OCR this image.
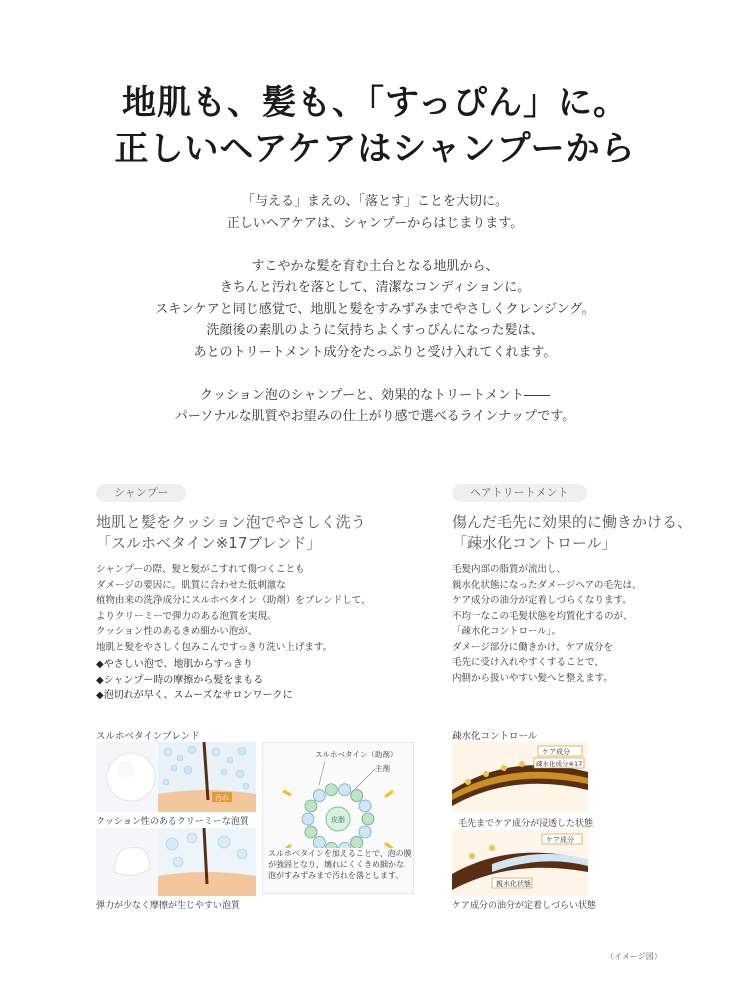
地肌も、髪も、「すっぴん」に。
正しいヘアケアはシャンプーから
「与える」まえの、「落とす」ことを大切に。
正しいヘアケアは、シャンプーからはじまります。
すこやかな髪を育む土台となる地肌から、
きちんと汚れを落として、清潔なコンディションに。
スキンケアと同じ感覚で、地肌と髪をすみずみまでやさしくクレンジング。
洗顔後の素肌のように気持ちよくすっぴんになった髪は、
あとのトリートメント成分をたっぷりと受け入れてくれます。
クッション泡のシャンプーと、効果的なトリートメント――
パーソナルな肌質やお望みの仕上がり感で選べるラインナップです。
シャンプー
地肌と髪をクッション泡でやさしく洗う
「スルホベタイン※17ブレンド」
シャンプーの際、髪と髪がこすれて傷つくことも
ダメージの要因に。肌質に合わせた低刺激な
植物由来の洗浄成分にスルホベタイン（助剤）をブレンドして、
よりクリーミーで弾力のある泡質を実現。
クッション性のあるきめ細かい泡が、
地肌と髪をやさしく包みこんですっきり洗い上げます。
◆やさしい泡で、地肌からすっきり
◆シャンプー時の摩擦から髪をまもる
◆泡切れが早く、スムーズなサロンワークに
ヘアトリートメント
傷んだ毛先に効果的に働きかける、
「疎水化コントロール」
毛髪内部の脂質が流出し、
親水化状態になったダメージヘアの毛先は、
ケア成分の油分が定着しづらくなります。
不均一なこの毛髪状態を均質化するのが、
「疎水化コントロール」。
ダメージ部分に働きかけ、ケア成分を
毛先に受け入れやすくすることで、
内側から扱いやすい髪へと整えます。
スルホベタインブレンド
汚れ
クッション性のあるクリーミーな泡質
弾力が少なく摩擦が生じやすい泡質
スルホベタイン（助剤）
主剤
皮脂
スルホベタインを加えることで、泡の膜
が強固となり、壊れにくくきめ細かな
泡がすみずみまで汚れを落とします。
疎水化コントロール
ケア成分
疎水化成分※17
毛先までケア成分が浸透した状態
ケア成分
親水化状態
ケア成分の油分が定着しづらい状態
（イメージ図）
